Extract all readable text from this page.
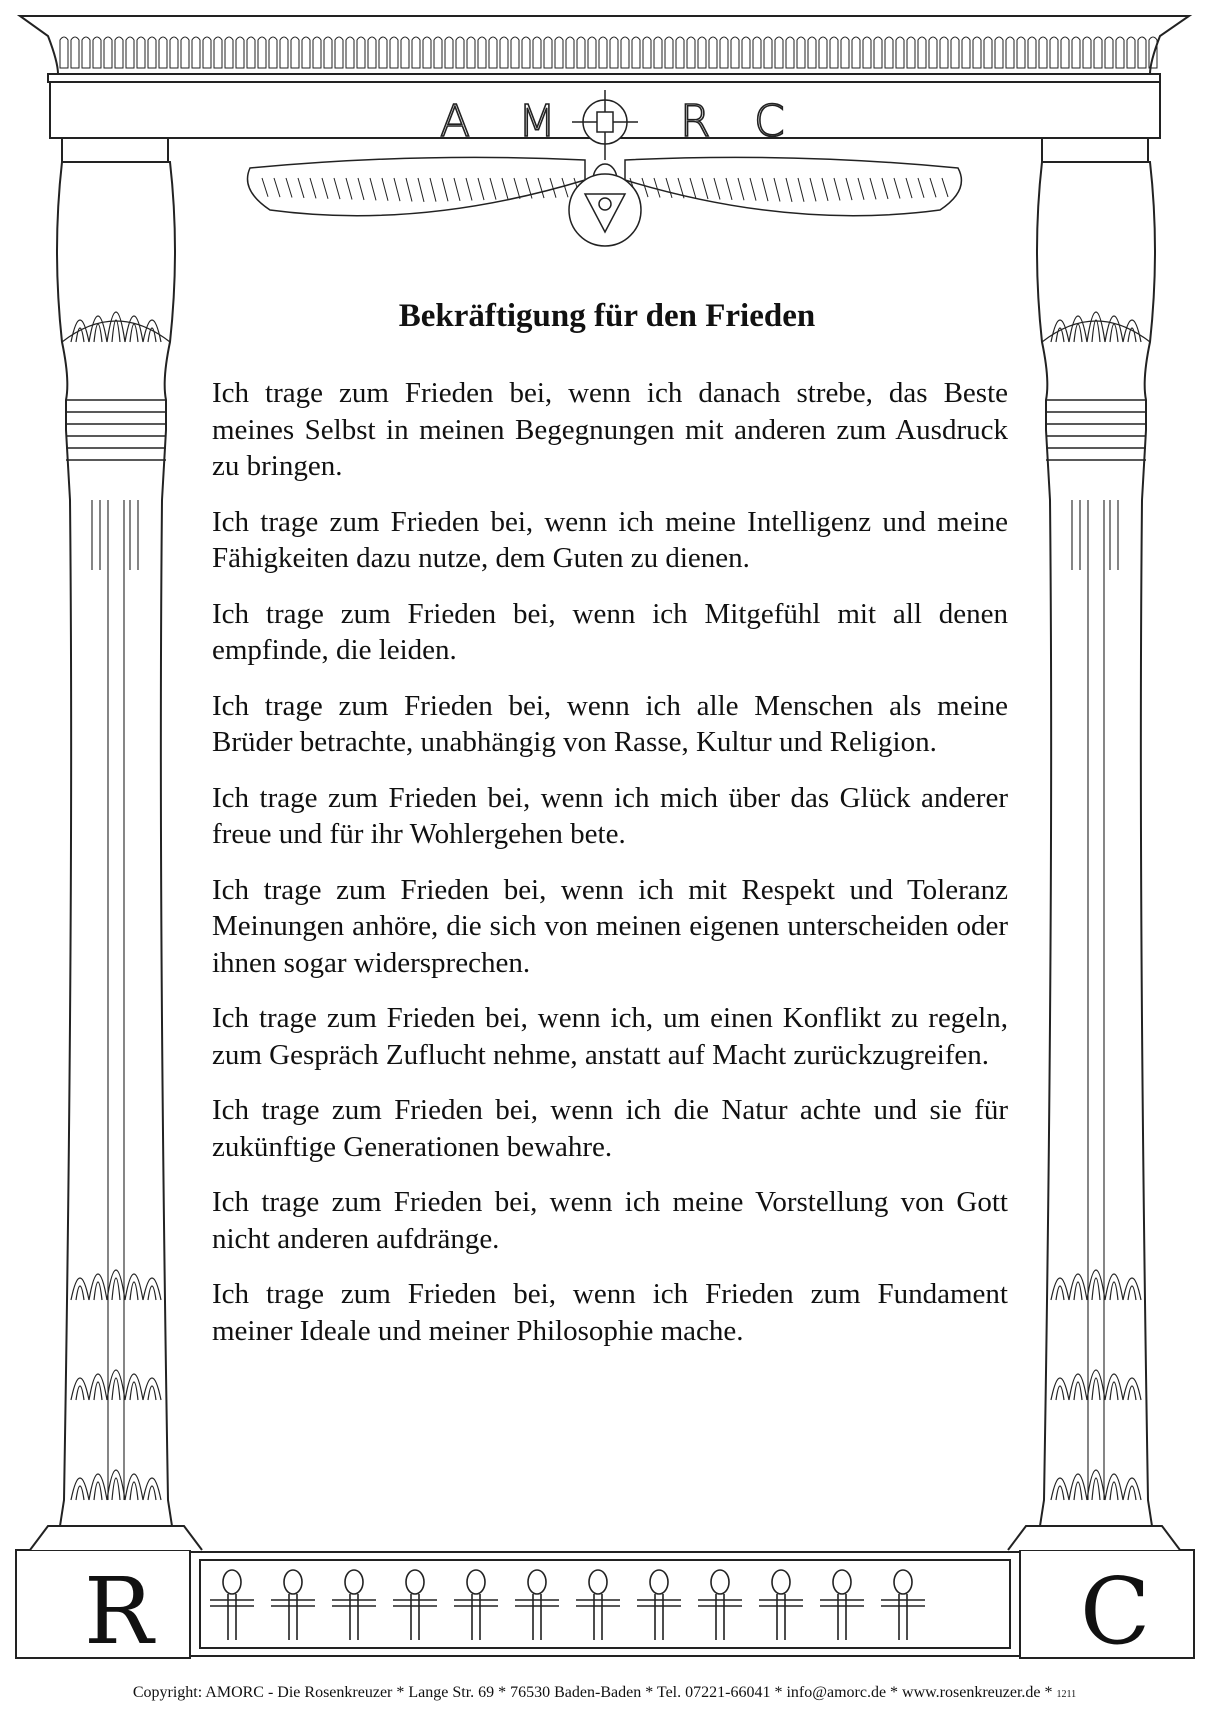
A M	R C
Bekräftigung für den Frieden

Ich trage zum Frieden bei, wenn ich danach strebe, das Beste meines Selbst in meinen Begegnungen mit anderen zum Ausdruck zu bringen.

Ich trage zum Frieden bei, wenn ich meine Intelligenz und meine Fähigkeiten dazu nutze, dem Guten zu dienen.

Ich trage zum Frieden bei, wenn ich Mitgefühl mit all denen empfinde, die leiden.

Ich trage zum Frieden bei, wenn ich alle Menschen als meine Brüder betrachte, unabhängig von Rasse, Kultur und Religion.

Ich trage zum Frieden bei, wenn ich mich über das Glück anderer freue und für ihr Wohlergehen bete.

Ich trage zum Frieden bei, wenn ich mit Respekt und Toleranz Meinungen anhöre, die sich von meinen eigenen unterscheiden oder ihnen sogar widersprechen.

Ich trage zum Frieden bei, wenn ich, um einen Konflikt zu regeln, zum Gespräch Zuflucht nehme, anstatt auf Macht zurückzugreifen.

Ich trage zum Frieden bei, wenn ich die Natur achte und sie für zukünftige Generationen bewahre.

Ich trage zum Frieden bei, wenn ich meine Vorstellung von Gott nicht anderen aufdränge.

Ich trage zum Frieden bei, wenn ich Frieden zum Fundament meiner Ideale und meiner Philosophie mache.

R	C
Copyright: AMORC - Die Rosenkreuzer * Lange Str. 69 * 76530 Baden-Baden * Tel. 07221-66041 * info@amorc.de * www.rosenkreuzer.de * 1211
